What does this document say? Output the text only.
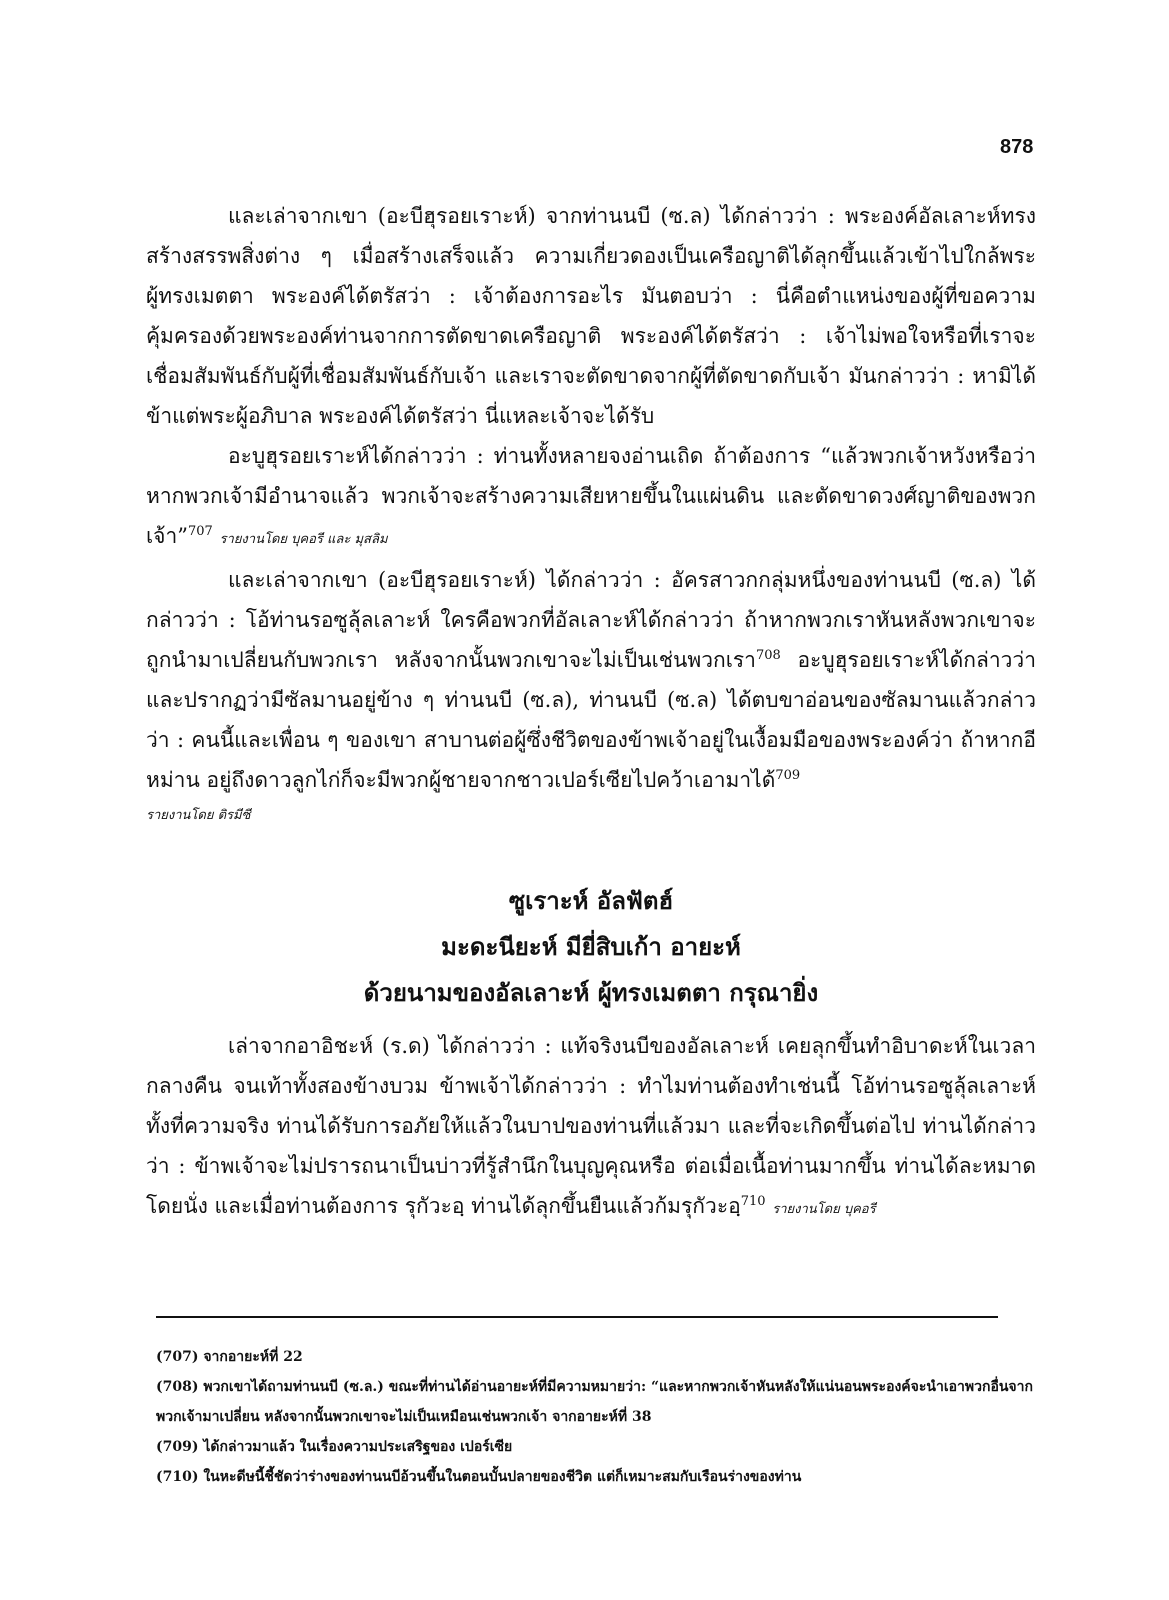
878

และเล่าจากเขา (อะบีฮุรอยเราะห์) จากท่านนบี (ซ.ล) ได้กล่าวว่า : พระองค์อัลเลาะห์ทรงสร้างสรรพสิ่งต่าง ๆ เมื่อสร้างเสร็จแล้ว ความเกี่ยวดองเป็นเครือญาติได้ลุกขึ้นแล้วเข้าไปใกล้พระผู้ทรงเมตตา พระองค์ได้ตรัสว่า : เจ้าต้องการอะไร มันตอบว่า : นี่คือตำแหน่งของผู้ที่ขอความคุ้มครองด้วยพระองค์ท่านจากการตัดขาดเครือญาติ พระองค์ได้ตรัสว่า : เจ้าไม่พอใจหรือที่เราจะเชื่อมสัมพันธ์กับผู้ที่เชื่อมสัมพันธ์กับเจ้า และเราจะตัดขาดจากผู้ที่ตัดขาดกับเจ้า มันกล่าวว่า : หามิได้ ข้าแต่พระผู้อภิบาล พระองค์ได้ตรัสว่า นี่แหละเจ้าจะได้รับ

อะบูฮุรอยเราะห์ได้กล่าวว่า : ท่านทั้งหลายจงอ่านเถิด ถ้าต้องการ “แล้วพวกเจ้าหวังหรือว่าหากพวกเจ้ามีอำนาจแล้ว พวกเจ้าจะสร้างความเสียหายขึ้นในแผ่นดิน และตัดขาดวงศ์ญาติของพวกเจ้า”$^{707}$ รายงานโดย บุคอรี และ มุสลิม

และเล่าจากเขา (อะบีฮุรอยเราะห์) ได้กล่าวว่า : อัครสาวกกลุ่มหนึ่งของท่านนบี (ซ.ล) ได้กล่าวว่า : โอ้ท่านรอซูลุ้ลเลาะห์ ใครคือพวกที่อัลเลาะห์ได้กล่าวว่า ถ้าหากพวกเราหันหลังพวกเขาจะถูกนำมาเปลี่ยนกับพวกเรา หลังจากนั้นพวกเขาจะไม่เป็นเช่นพวกเรา$^{708}$ อะบูฮุรอยเราะห์ได้กล่าวว่า และปรากฏว่ามีซัลมานอยู่ข้าง ๆ ท่านนบี (ซ.ล), ท่านนบี (ซ.ล) ได้ตบขาอ่อนของซัลมานแล้วกล่าวว่า : คนนี้และเพื่อน ๆ ของเขา สาบานต่อผู้ซึ่งชีวิตของข้าพเจ้าอยู่ในเงื้อมมือของพระองค์ว่า ถ้าหากอีหม่าน อยู่ถึงดาวลูกไก่ก็จะมีพวกผู้ชายจากชาวเปอร์เซียไปคว้าเอามาได้$^{709}$

รายงานโดย ติรมีซี

ซูเราะห์ อัลฟัตฮ์

มะดะนียะห์ มียี่สิบเก้า อายะห์

ด้วยนามของอัลเลาะห์ ผู้ทรงเมตตา กรุณายิ่ง

เล่าจากอาอิชะห์ (ร.ด) ได้กล่าวว่า : แท้จริงนบีของอัลเลาะห์ เคยลุกขึ้นทำอิบาดะห์ในเวลากลางคืน จนเท้าทั้งสองข้างบวม ข้าพเจ้าได้กล่าวว่า : ทำไมท่านต้องทำเช่นนี้ โอ้ท่านรอซูลุ้ลเลาะห์ ทั้งที่ความจริง ท่านได้รับการอภัยให้แล้วในบาปของท่านที่แล้วมา และที่จะเกิดขึ้นต่อไป ท่านได้กล่าวว่า : ข้าพเจ้าจะไม่ปรารถนาเป็นบ่าวที่รู้สำนึกในบุญคุณหรือ ต่อเมื่อเนื้อท่านมากขึ้น ท่านได้ละหมาดโดยนั่ง และเมื่อท่านต้องการ รุกัวะอฺ ท่านได้ลุกขึ้นยืนแล้วก้มรุกัวะอฺ$^{710}$ รายงานโดย บุคอรี

(707) จากอายะห์ที่ 22

(708) พวกเขาได้ถามท่านนบี (ซ.ล.) ขณะที่ท่านได้อ่านอายะห์ที่มีความหมายว่า: “และหากพวกเจ้าหันหลังให้แน่นอนพระองค์จะนำเอาพวกอื่นจากพวกเจ้ามาเปลี่ยน หลังจากนั้นพวกเขาจะไม่เป็นเหมือนเช่นพวกเจ้า จากอายะห์ที่ 38

(709) ได้กล่าวมาแล้ว ในเรื่องความประเสริฐของ เปอร์เซีย

(710) ในหะดีษนี้ชี้ชัดว่าร่างของท่านนบีอ้วนขึ้นในตอนบั้นปลายของชีวิต แต่ก็เหมาะสมกับเรือนร่างของท่าน
